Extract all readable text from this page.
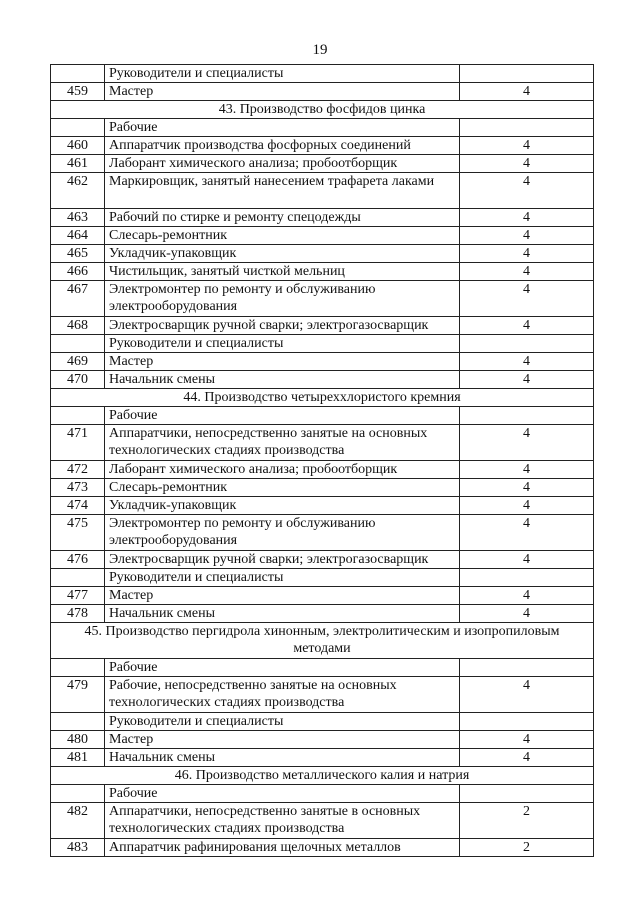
19
	Руководители и специалисты	
459	Мастер	4
43. Производство фосфидов цинка		
	Рабочие	
460	Аппаратчик производства фосфорных соединений	4
461	Лаборант химического анализа; пробоотборщик	4
462	Маркировщик, занятый нанесением трафарета лаками	4
463	Рабочий по стирке и ремонту спецодежды	4
464	Слесарь-ремонтник	4
465	Укладчик-упаковщик	4
466	Чистильщик, занятый чисткой мельниц	4
467	Электромонтер по ремонту и обслуживанию электрооборудования	4
468	Электросварщик ручной сварки; электрогазосварщик	4
	Руководители и специалисты	
469	Мастер	4
470	Начальник смены	4
44. Производство четыреххлористого кремния		
	Рабочие	
471	Аппаратчики, непосредственно занятые на основных технологических стадиях производства	4
472	Лаборант химического анализа; пробоотборщик	4
473	Слесарь-ремонтник	4
474	Укладчик-упаковщик	4
475	Электромонтер по ремонту и обслуживанию электрооборудования	4
476	Электросварщик ручной сварки; электрогазосварщик	4
	Руководители и специалисты	
477	Мастер	4
478	Начальник смены	4
45. Производство пергидрола хинонным, электролитическим и изопропиловым методами		
	Рабочие	
479	Рабочие, непосредственно занятые на основных технологических стадиях производства	4
	Руководители и специалисты	
480	Мастер	4
481	Начальник смены	4
46. Производство металлического калия и натрия		
	Рабочие	
482	Аппаратчики, непосредственно занятые в основных технологических стадиях производства	2
483	Аппаратчик рафинирования щелочных металлов	2
